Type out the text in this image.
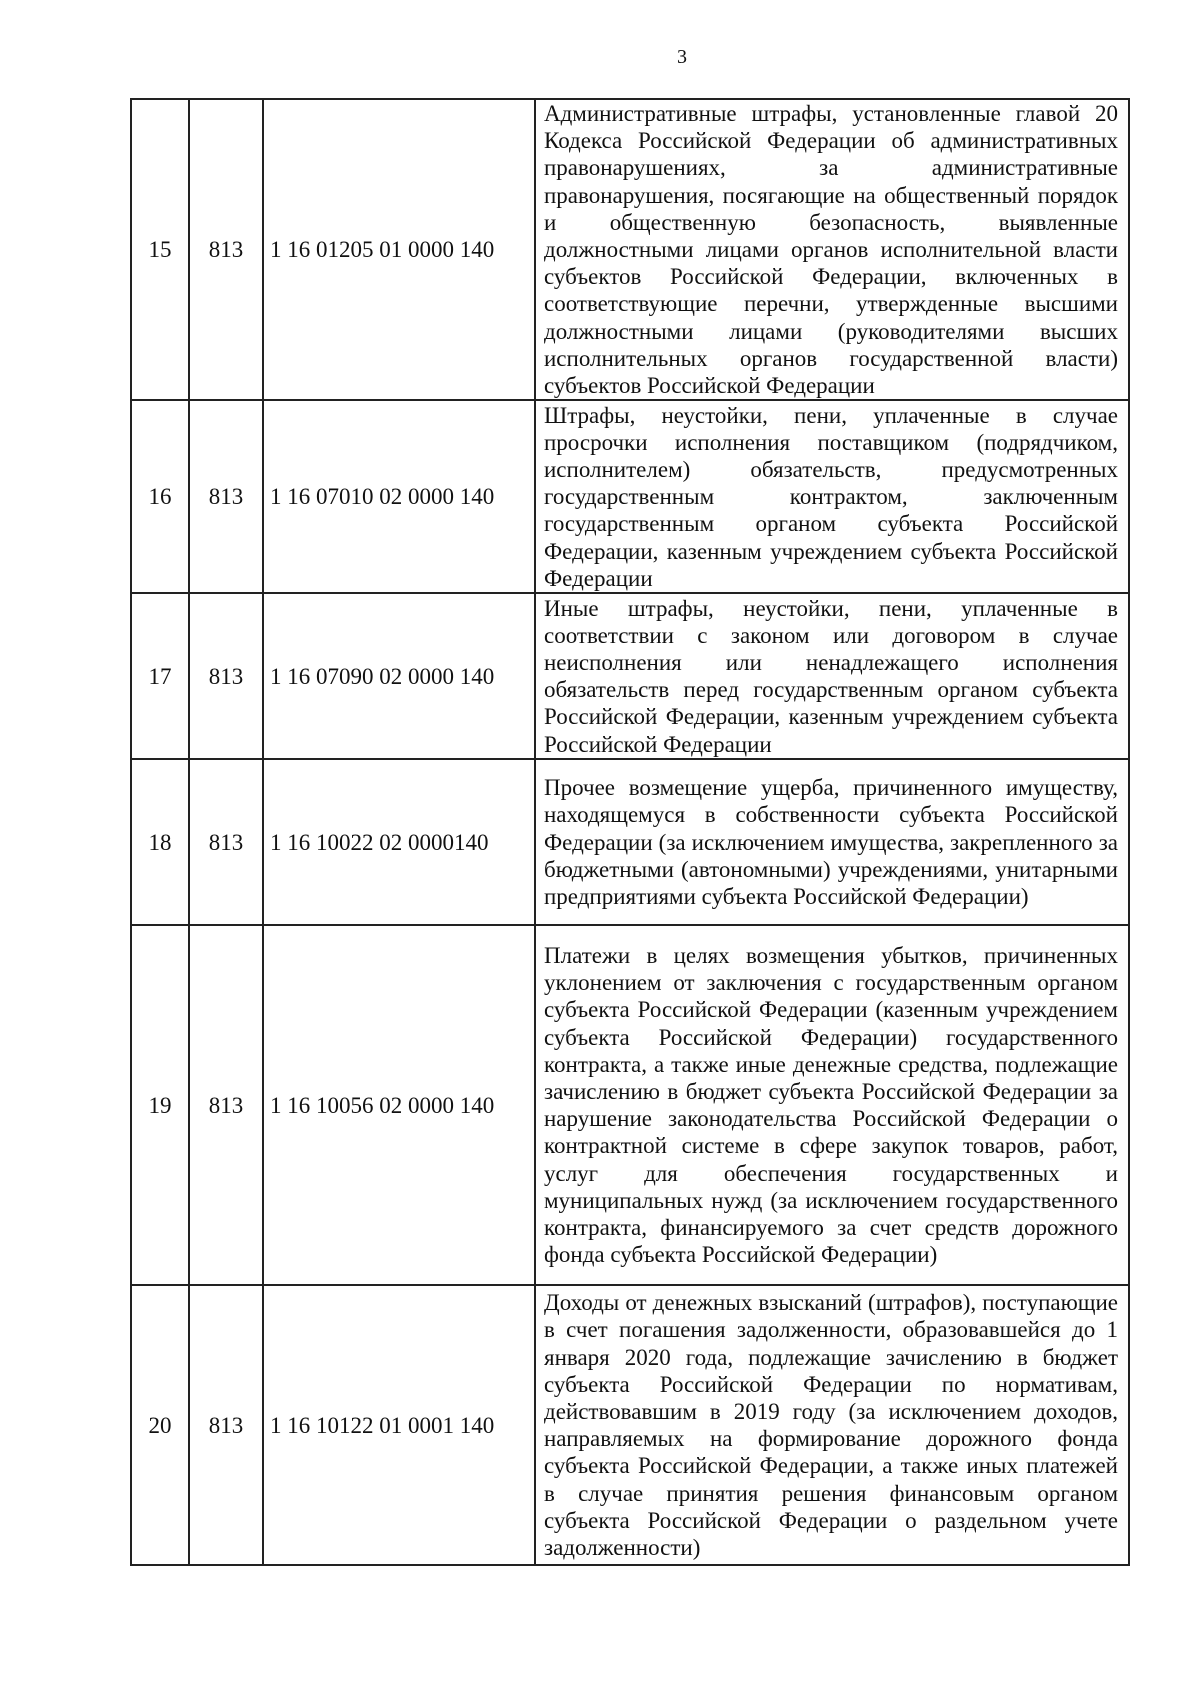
3
15	813	1 16 01205 01 0000 140	Административные штрафы, установленные главой 20 Кодекса Российской Федерации об административных правонарушениях, за административные правонарушения, посягающие на общественный порядок и общественную безопасность, выявленные должностными лицами органов исполнительной власти субъектов Российской Федерации, включенных в соответствующие перечни, утвержденные высшими должностными лицами (руководителями высших исполнительных органов государственной власти) субъектов Российской Федерации
16	813	1 16 07010 02 0000 140	Штрафы, неустойки, пени, уплаченные в случае просрочки исполнения поставщиком (подрядчиком, исполнителем) обязательств, предусмотренных государственным контрактом, заключенным государственным органом субъекта Российской Федерации, казенным учреждением субъекта Российской Федерации
17	813	1 16 07090 02 0000 140	Иные штрафы, неустойки, пени, уплаченные в соответствии с законом или договором в случае неисполнения или ненадлежащего исполнения обязательств перед государственным органом субъекта Российской Федерации, казенным учреждением субъекта Российской Федерации
18	813	1 16 10022 02 0000140	Прочее возмещение ущерба, причиненного имуществу, находящемуся в собственности субъекта Российской Федерации (за исключением имущества, закрепленного за бюджетными (автономными) учреждениями, унитарными предприятиями субъекта Российской Федерации)
19	813	1 16 10056 02 0000 140	Платежи в целях возмещения убытков, причиненных уклонением от заключения с государственным органом субъекта Российской Федерации (казенным учреждением субъекта Российской Федерации) государственного контракта, а также иные денежные средства, подлежащие зачислению в бюджет субъекта Российской Федерации за нарушение законодательства Российской Федерации о контрактной системе в сфере закупок товаров, работ, услуг для обеспечения государственных и муниципальных нужд (за исключением государственного контракта, финансируемого за счет средств дорожного фонда субъекта Российской Федерации)
20	813	1 16 10122 01 0001 140	Доходы от денежных взысканий (штрафов), поступающие в счет погашения задолженности, образовавшейся до 1 января 2020 года, подлежащие зачислению в бюджет субъекта Российской Федерации по нормативам, действовавшим в 2019 году (за исключением доходов, направляемых на формирование дорожного фонда субъекта Российской Федерации, а также иных платежей в случае принятия решения финансовым органом субъекта Российской Федерации о раздельном учете задолженности)
